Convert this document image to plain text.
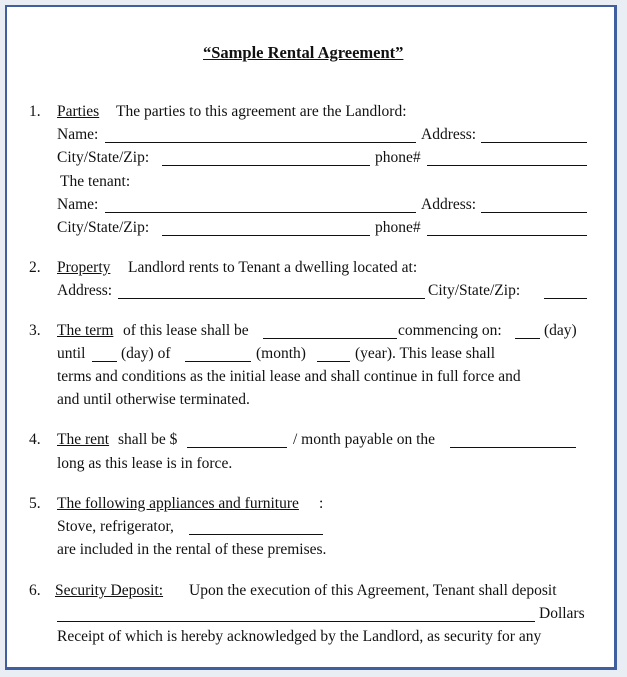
“Sample Rental Agreement”
1. Parties The parties to this agreement are the Landlord:
Name:	Address:
City/State/Zip:	phone#
The tenant:
Name:	Address:
City/State/Zip:	phone#
2. Property Landlord rents to Tenant a dwelling located at:
Address:	City/State/Zip:
3. The term of this lease shall be	commencing on:	(day)
until (day) of	(month)	(year). This lease shall
terms and conditions as the initial lease and shall continue in full force and
and until otherwise terminated.
4. The rent shall be $	/ month payable on the
long as this lease is in force.
5. The following appliances and furniture :
Stove, refrigerator,
are included in the rental of these premises.
6. Security Deposit: Upon the execution of this Agreement, Tenant shall deposit
Dollars
Receipt of which is hereby acknowledged by the Landlord, as security for any
